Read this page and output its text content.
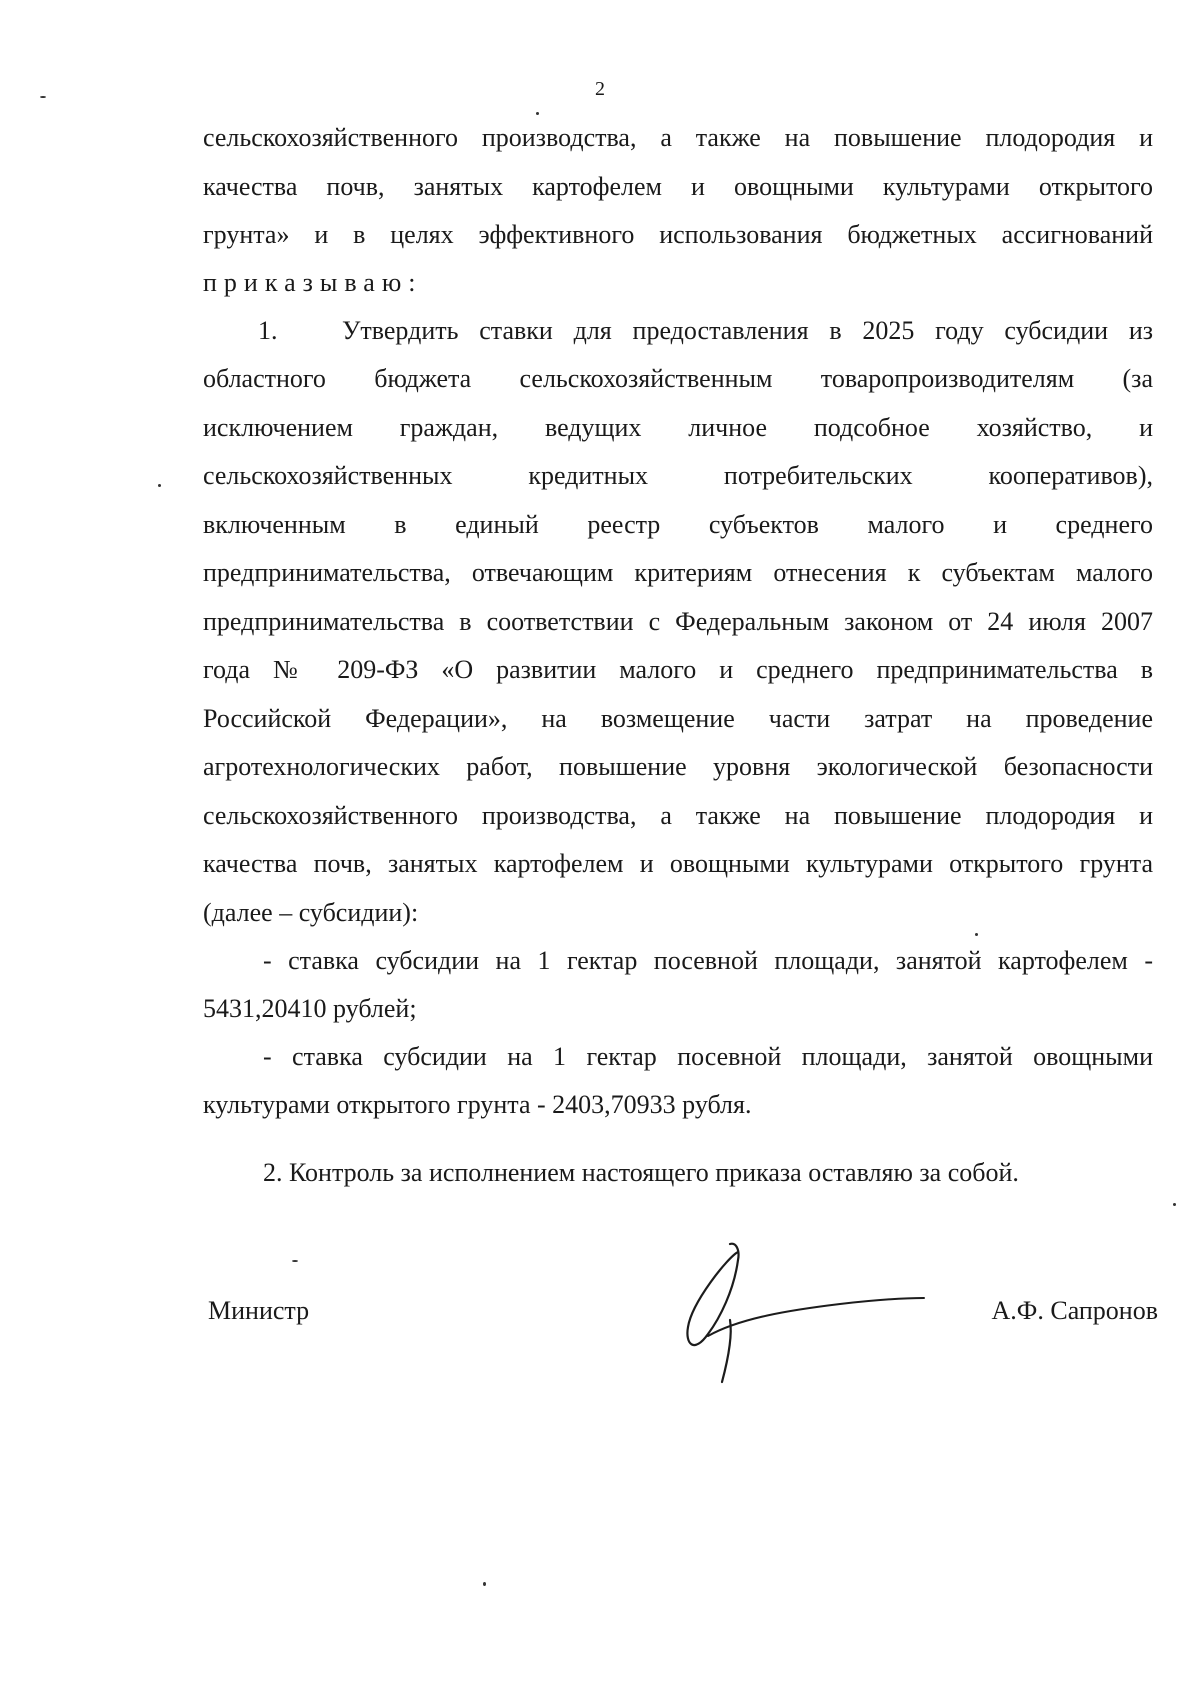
2
сельскохозяйственного производства, а также на повышение плодородия и
качества почв, занятых картофелем и овощными культурами открытого
грунта» и в целях эффективного использования бюджетных ассигнований
приказываю:
1. Утвердить ставки для предоставления в 2025 году субсидии из
областного бюджета сельскохозяйственным товаропроизводителям (за
исключением граждан, ведущих личное подсобное хозяйство, и
сельскохозяйственных кредитных потребительских кооперативов),
включенным в единый реестр субъектов малого и среднего
предпринимательства, отвечающим критериям отнесения к субъектам малого
предпринимательства в соответствии с Федеральным законом от 24 июля 2007
года № 209-ФЗ «О развитии малого и среднего предпринимательства в
Российской Федерации», на возмещение части затрат на проведение
агротехнологических работ, повышение уровня экологической безопасности
сельскохозяйственного производства, а также на повышение плодородия и
качества почв, занятых картофелем и овощными культурами открытого грунта
(далее – субсидии):
- ставка субсидии на 1 гектар посевной площади, занятой картофелем -
5431,20410 рублей;
- ставка субсидии на 1 гектар посевной площади, занятой овощными
культурами открытого грунта - 2403,70933 рубля.
2. Контроль за исполнением настоящего приказа оставляю за собой.
Министр	А.Ф. Сапронов
